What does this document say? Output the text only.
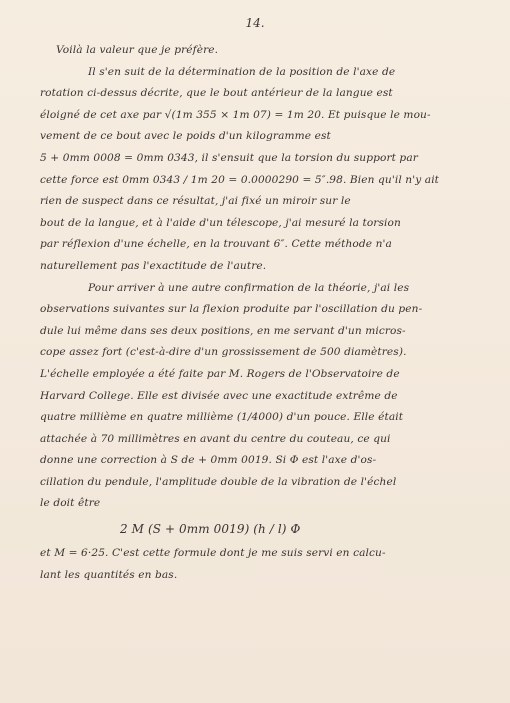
14.
Voilà la valeur que je préfère.
Il s'en suit de la détermination de la position de l'axe de
rotation ci-dessus décrite, que le bout antérieur de la langue est
éloigné de cet axe par √(1m 355 × 1m 07) = 1m 20. Et puisque le mou-
vement de ce bout avec le poids d'un kilogramme est
5 + 0mm 0008 = 0mm 0343, il s'ensuit que la torsion du support par
cette force est 0mm 0343 / 1m 20 = 0.0000290 = 5″.98. Bien qu'il n'y ait
rien de suspect dans ce résultat, j'ai fixé un miroir sur le
bout de la langue, et à l'aide d'un télescope, j'ai mesuré la torsion
par réflexion d'une échelle, en la trouvant 6″. Cette méthode n'a
naturellement pas l'exactitude de l'autre.
Pour arriver à une autre confirmation de la théorie, j'ai les
observations suivantes sur la flexion produite par l'oscillation du pen-
dule lui même dans ses deux positions, en me servant d'un micros-
cope assez fort (c'est-à-dire d'un grossissement de 500 diamètres).
L'échelle employée a été faite par M. Rogers de l'Observatoire de
Harvard College. Elle est divisée avec une exactitude extrême de
quatre millième en quatre millième (1/4000) d'un pouce. Elle était
attachée à 70 millimètres en avant du centre du couteau, ce qui
donne une correction à S de + 0mm 0019. Si Φ est l'axe d'os-
cillation du pendule, l'amplitude double de la vibration de l'échel
le doit être
2 M (S + 0mm 0019) (h / l) Φ
et M = 6·25. C'est cette formule dont je me suis servi en calcu-
lant les quantités en bas.
